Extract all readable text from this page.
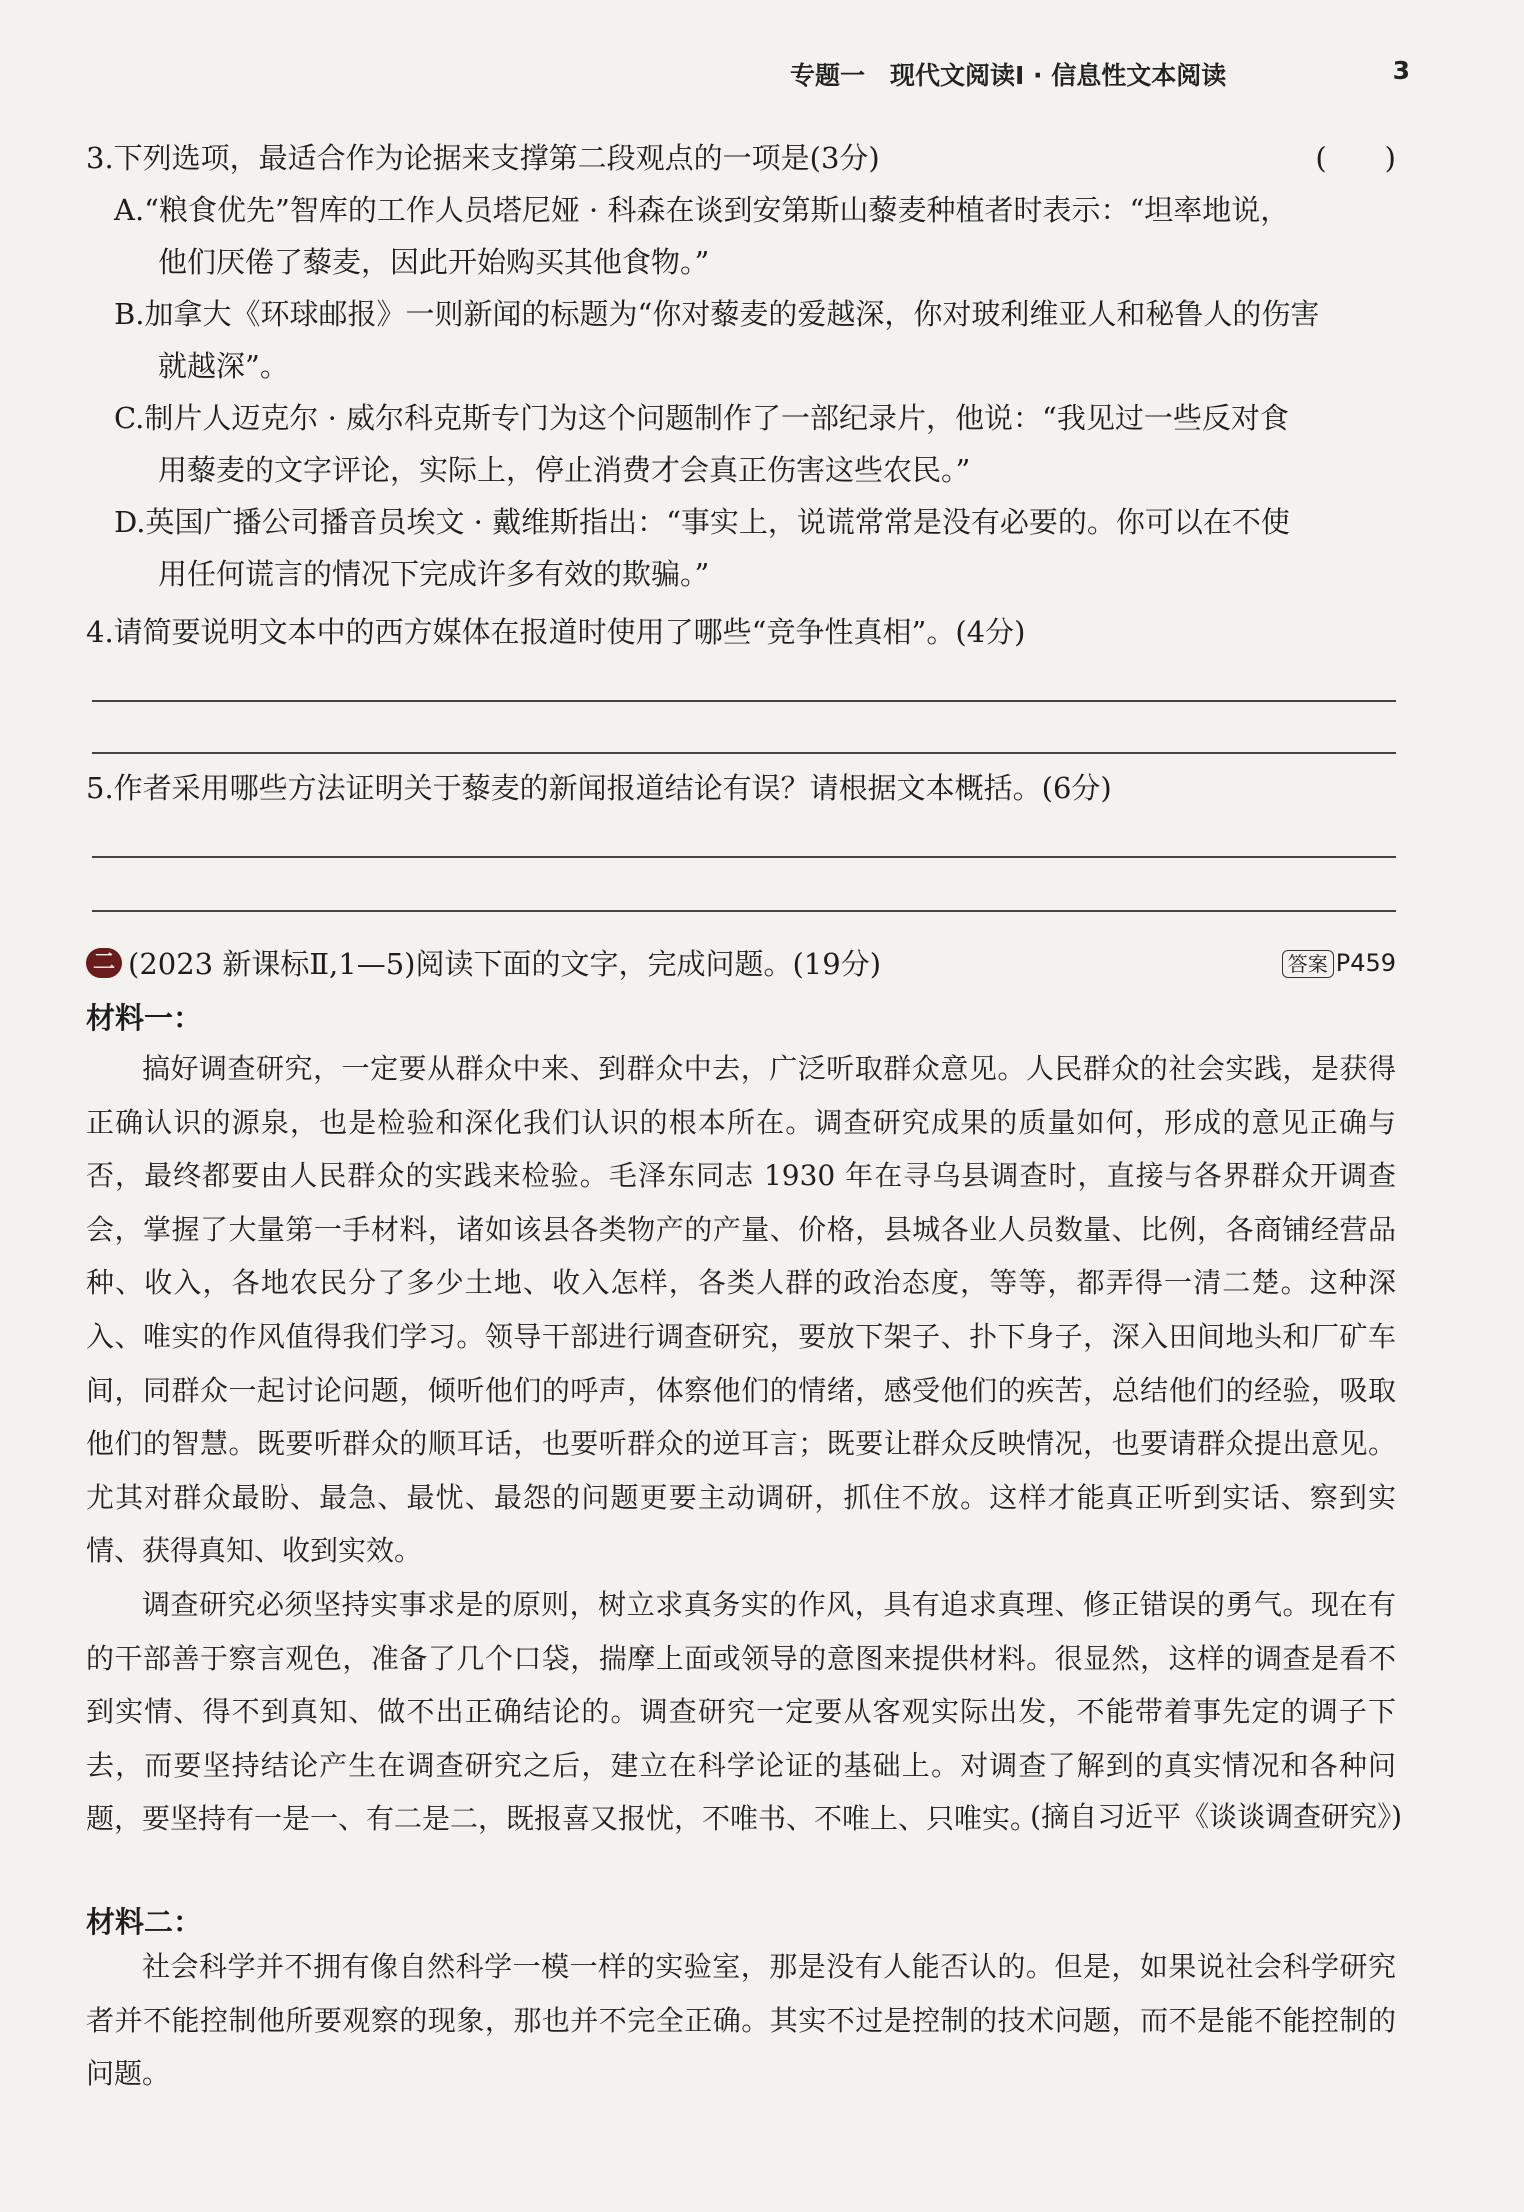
专题一　现代文阅读Ⅰ · 信息性文本阅读	3
3.下列选项，最适合作为论据来支撑第二段观点的一项是(3分)	(　　)
A.“粮食优先”智库的工作人员塔尼娅 · 科森在谈到安第斯山藜麦种植者时表示：“坦率地说，
他们厌倦了藜麦，因此开始购买其他食物。”
B.加拿大《环球邮报》一则新闻的标题为“你对藜麦的爱越深，你对玻利维亚人和秘鲁人的伤害
就越深”。
C.制片人迈克尔 · 威尔科克斯专门为这个问题制作了一部纪录片，他说：“我见过一些反对食
用藜麦的文字评论，实际上，停止消费才会真正伤害这些农民。”
D.英国广播公司播音员埃文 · 戴维斯指出：“事实上，说谎常常是没有必要的。你可以在不使
用任何谎言的情况下完成许多有效的欺骗。”
4.请简要说明文本中的西方媒体在报道时使用了哪些“竞争性真相”。(4分)
5.作者采用哪些方法证明关于藜麦的新闻报道结论有误？请根据文本概括。(6分)
二 (2023 新课标Ⅱ,1—5)阅读下面的文字，完成问题。(19分)	答案 P459
材料一：

搞好调查研究，一定要从群众中来、到群众中去，广泛听取群众意见。人民群众的社会实践，是获得正确认识的源泉，也是检验和深化我们认识的根本所在。调查研究成果的质量如何，形成的意见正确与否，最终都要由人民群众的实践来检验。毛泽东同志 1930 年在寻乌县调查时，直接与各界群众开调查会，掌握了大量第一手材料，诸如该县各类物产的产量、价格，县城各业人员数量、比例，各商铺经营品种、收入，各地农民分了多少土地、收入怎样，各类人群的政治态度，等等，都弄得一清二楚。这种深入、唯实的作风值得我们学习。领导干部进行调查研究，要放下架子、扑下身子，深入田间地头和厂矿车间，同群众一起讨论问题，倾听他们的呼声，体察他们的情绪，感受他们的疾苦，总结他们的经验，吸取他们的智慧。既要听群众的顺耳话，也要听群众的逆耳言；既要让群众反映情况，也要请群众提出意见。尤其对群众最盼、最急、最忧、最怨的问题更要主动调研，抓住不放。这样才能真正听到实话、察到实情、获得真知、收到实效。

调查研究必须坚持实事求是的原则，树立求真务实的作风，具有追求真理、修正错误的勇气。现在有的干部善于察言观色，准备了几个口袋，揣摩上面或领导的意图来提供材料。很显然，这样的调查是看不到实情、得不到真知、做不出正确结论的。调查研究一定要从客观实际出发，不能带着事先定的调子下去，而要坚持结论产生在调查研究之后，建立在科学论证的基础上。对调查了解到的真实情况和各种问题，要坚持有一是一、有二是二，既报喜又报忧，不唯书、不唯上、只唯实。

(摘自习近平《谈谈调查研究》)
材料二：

社会科学并不拥有像自然科学一模一样的实验室，那是没有人能否认的。但是，如果说社会科学研究者并不能控制他所要观察的现象，那也并不完全正确。其实不过是控制的技术问题，而不是能不能控制的问题。
